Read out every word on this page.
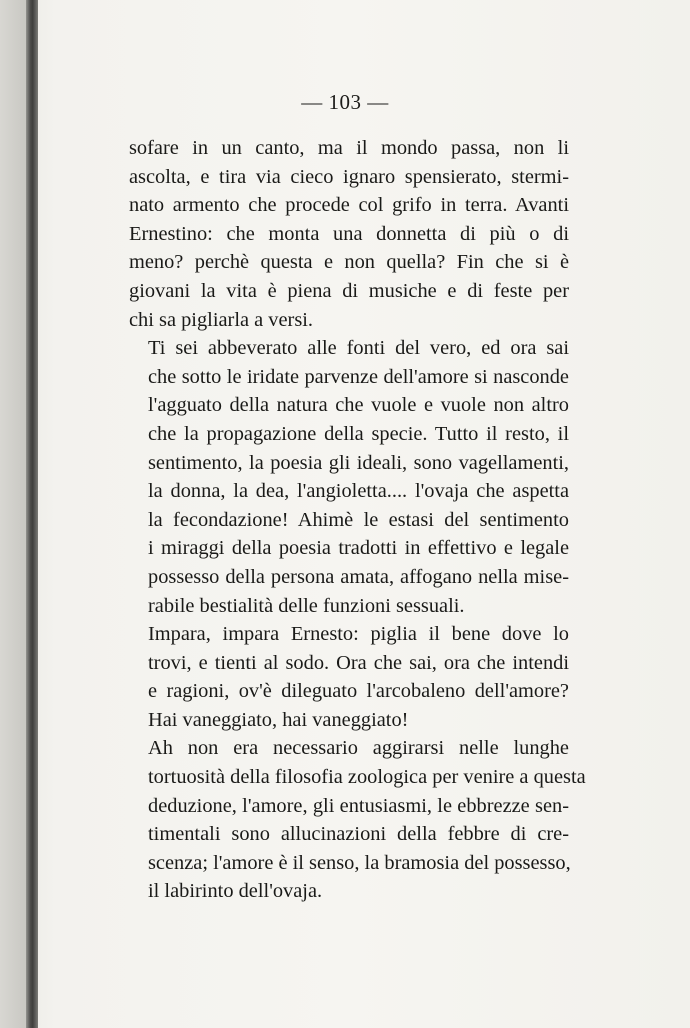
— 103 —

sofare in un canto, ma il mondo passa, non li
ascolta, e tira via cieco ignaro spensierato, stermi-
nato armento che procede col grifo in terra. Avanti
Ernestino: che monta una donnetta di più o di
meno? perchè questa e non quella? Fin che si è
giovani la vita è piena di musiche e di feste per
chi sa pigliarla a versi.

Ti sei abbeverato alle fonti del vero, ed ora sai
che sotto le iridate parvenze dell'amore si nasconde
l'agguato della natura che vuole e vuole non altro
che la propagazione della specie. Tutto il resto, il
sentimento, la poesia gli ideali, sono vagellamenti,
la donna, la dea, l'angioletta.... l'ovaja che aspetta
la fecondazione! Ahimè le estasi del sentimento
i miraggi della poesia tradotti in effettivo e legale
possesso della persona amata, affogano nella mise-
rabile bestialità delle funzioni sessuali.

Impara, impara Ernesto: piglia il bene dove lo
trovi, e tienti al sodo. Ora che sai, ora che intendi
e ragioni, ov'è dileguato l'arcobaleno dell'amore?
Hai vaneggiato, hai vaneggiato!

Ah non era necessario aggirarsi nelle lunghe
tortuosità della filosofia zoologica per venire a questa
deduzione, l'amore, gli entusiasmi, le ebbrezze sen-
timentali sono allucinazioni della febbre di cre-
scenza; l'amore è il senso, la bramosia del possesso,
il labirinto dell'ovaja.
